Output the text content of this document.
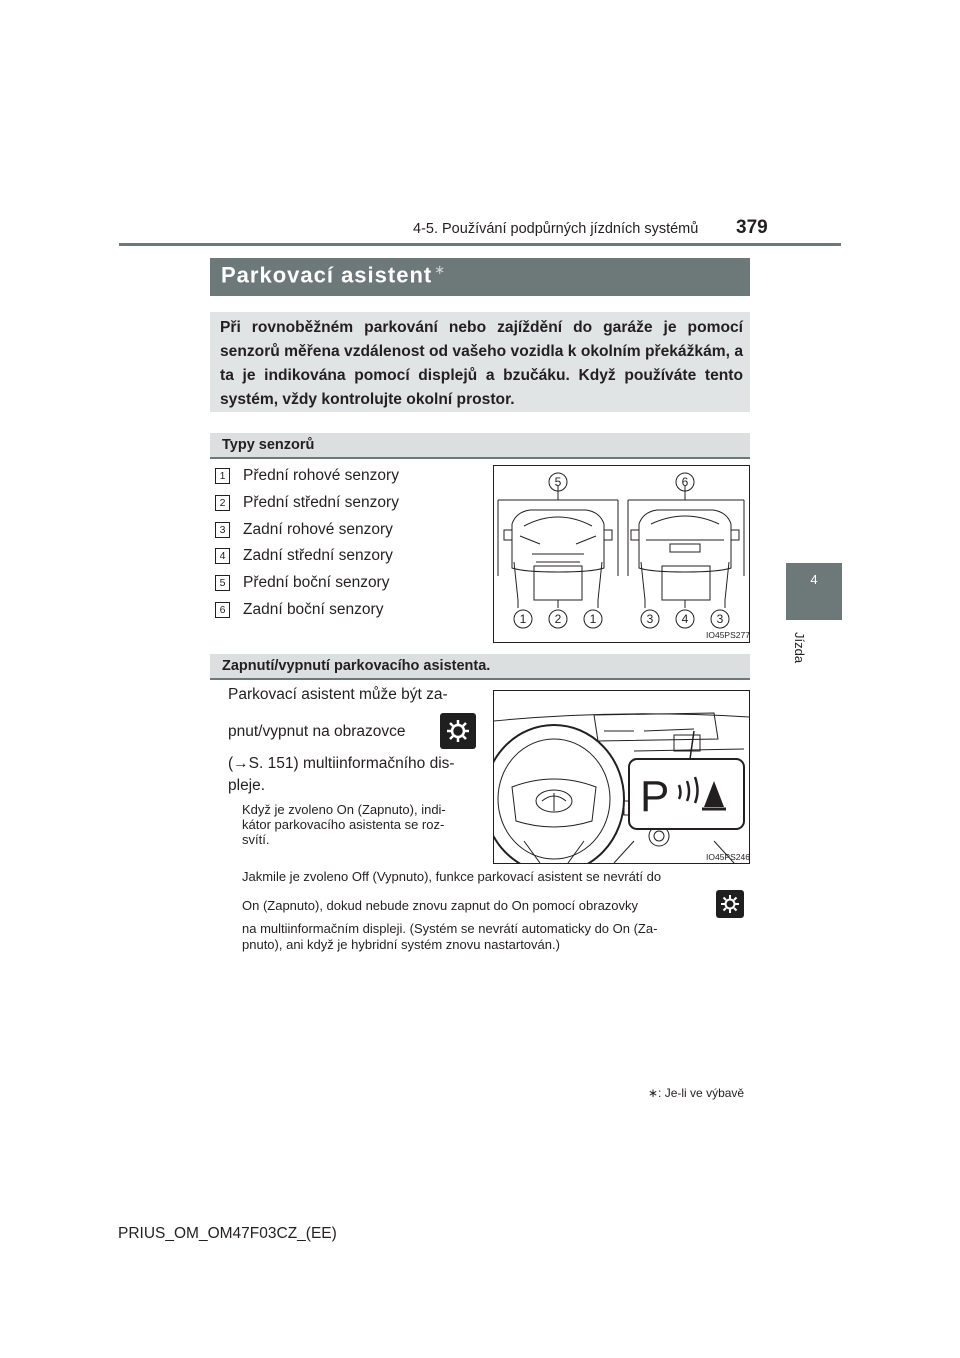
4-5. Používání podpůrných jízdních systémů 379
4
Jízda
Parkovací asistent ∗
Při rovnoběžném parkování nebo zajíždění do garáže je pomocí senzorů měřena vzdálenost od vašeho vozidla k okolním překážkám, a ta je indikována pomocí displejů a bzučáku. Když používáte tento systém, vždy kontrolujte okolní prostor.
Typy senzorů
1 Přední rohové senzory
2 Přední střední senzory
3 Zadní rohové senzory
4 Zadní střední senzory
5 Přední boční senzory
6 Zadní boční senzory
5	6
1 2 1	3 4 3
IO45PS277
Zapnutí/vypnutí parkovacího asistenta.
Parkovací asistent může být za-
pnut/vypnut na obrazovce
(→S. 151) multiinformačního dis-
pleje.
Když je zvoleno On (Zapnuto), indi-
kátor parkovacího asistenta se roz-
svítí.
P
IO45PS246
Jakmile je zvoleno Off (Vypnuto), funkce parkovací asistent se nevrátí do
On (Zapnuto), dokud nebude znovu zapnut do On pomocí obrazovky
na multiinformačním displeji. (Systém se nevrátí automaticky do On (Za-
pnuto), ani když je hybridní systém znovu nastartován.)
∗: Je-li ve výbavě
PRIUS_OM_OM47F03CZ_(EE)
